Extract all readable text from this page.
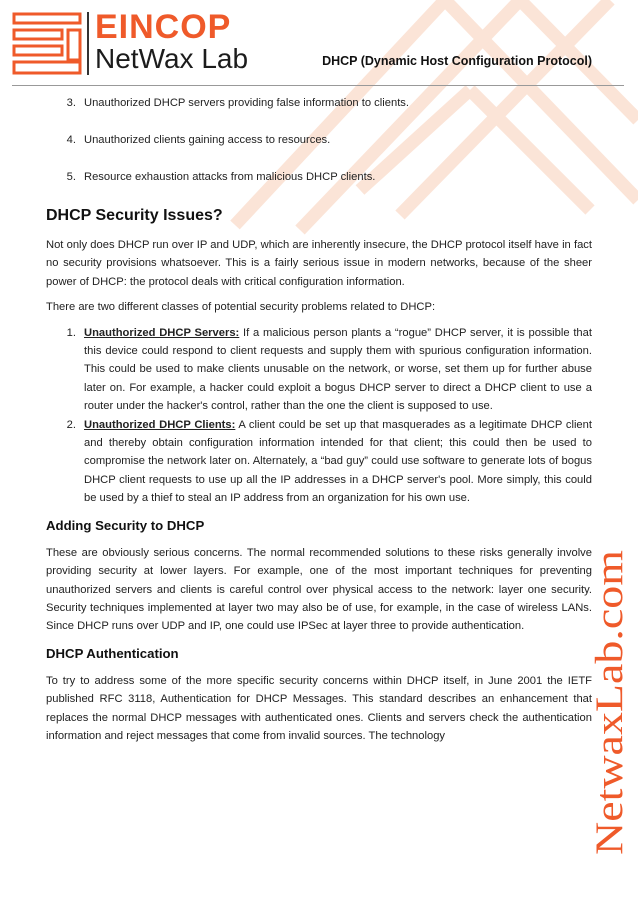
EINCOP
NetWax Lab	DHCP (Dynamic Host Configuration Protocol)
3. Unauthorized DHCP servers providing false information to clients.
4. Unauthorized clients gaining access to resources.
5. Resource exhaustion attacks from malicious DHCP clients.
DHCP Security Issues?

Not only does DHCP run over IP and UDP, which are inherently insecure, the DHCP protocol itself have in fact no security provisions whatsoever. This is a fairly serious issue in modern networks, because of the sheer power of DHCP: the protocol deals with critical configuration information.

There are two different classes of potential security problems related to DHCP:

1. Unauthorized DHCP Servers: If a malicious person plants a “rogue” DHCP server, it is possible that this device could respond to client requests and supply them with spurious configuration information. This could be used to make clients unusable on the network, or worse, set them up for further abuse later on. For example, a hacker could exploit a bogus DHCP server to direct a DHCP client to use a router under the hacker's control, rather than the one the client is supposed to use.
2. Unauthorized DHCP Clients: A client could be set up that masquerades as a legitimate DHCP client and thereby obtain configuration information intended for that client; this could then be used to compromise the network later on. Alternately, a “bad guy” could use software to generate lots of bogus DHCP client requests to use up all the IP addresses in a DHCP server's pool. More simply, this could be used by a thief to steal an IP address from an organization for his own use.
Adding Security to DHCP

These are obviously serious concerns. The normal recommended solutions to these risks generally involve providing security at lower layers. For example, one of the most important techniques for preventing unauthorized servers and clients is careful control over physical access to the network: layer one security. Security techniques implemented at layer two may also be of use, for example, in the case of wireless LANs. Since DHCP runs over UDP and IP, one could use IPSec at layer three to provide authentication.

DHCP Authentication

To try to address some of the more specific security concerns within DHCP itself, in June 2001 the IETF published RFC 3118, Authentication for DHCP Messages. This standard describes an enhancement that replaces the normal DHCP messages with authenticated ones. Clients and servers check the authentication information and reject messages that come from invalid sources. The technology	NetwaxLab.com
